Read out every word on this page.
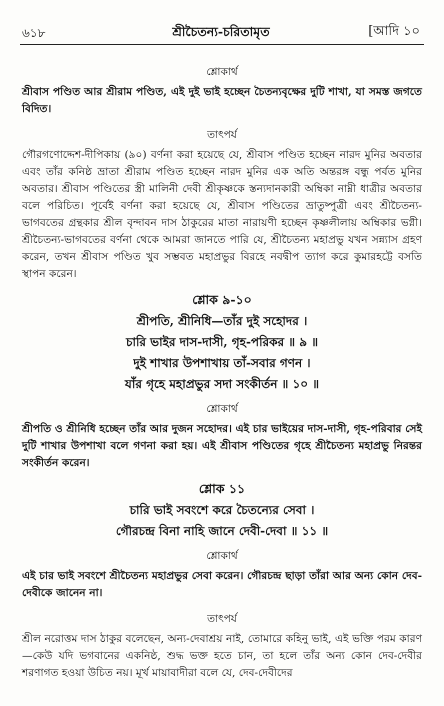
৬১৮	শ্রীচৈতন্য-চরিতামৃত	[আদি ১০
শ্লোকার্থ

শ্রীবাস পণ্ডিত আর শ্রীরাম পণ্ডিত, এই দুই ভাই হচ্ছেন চৈতন্যবৃক্ষের দুটি শাখা, যা সমস্ত জগতে বিদিত।

তাৎপর্য

গৌরগণোদ্দেশ-দীপিকায় (৯০) বর্ণনা করা হয়েছে যে, শ্রীবাস পণ্ডিত হচ্ছেন নারদ মুনির অবতার এবং তাঁর কনিষ্ঠ ভ্রাতা শ্রীরাম পণ্ডিত হচ্ছেন নারদ মুনির এক অতি অন্তরঙ্গ বন্ধু পর্বত মুনির অবতার। শ্রীবাস পণ্ডিতের স্ত্রী মালিনী দেবী শ্রীকৃষ্ণকে স্তন্যদানকারী অম্বিকা নাম্নী ধাত্রীর অবতার বলে পরিচিত। পূর্বেই বর্ণনা করা হয়েছে যে, শ্রীবাস পণ্ডিতের ভ্রাতুষ্পুত্রী এবং শ্রীচৈতন্য-ভাগবতের গ্রন্থকার শ্রীল বৃন্দাবন দাস ঠাকুরের মাতা নারায়ণী হচ্ছেন কৃষ্ণলীলায় অম্বিকার ভগ্নী। শ্রীচৈতন্য-ভাগবতের বর্ণনা থেকে আমরা জানতে পারি যে, শ্রীচৈতন্য মহাপ্রভু যখন সন্ন্যাস গ্রহণ করেন, তখন শ্রীবাস পণ্ডিত খুব সম্ভবত মহাপ্রভুর বিরহে নবদ্বীপ ত্যাগ করে কুমারহট্টে বসতি স্থাপন করেন।

শ্লোক ৯-১০
শ্রীপতি, শ্রীনিধি—তাঁর দুই সহোদর ।
চারি ভাইর দাস-দাসী, গৃহ-পরিকর ॥ ৯ ॥
দুই শাখার উপশাখায় তাঁ-সবার গণন ।
যাঁর গৃহে মহাপ্রভুর সদা সংকীর্তন ॥ ১০ ॥
শ্লোকার্থ

শ্রীপতি ও শ্রীনিধি হচ্ছেন তাঁর আর দুজন সহোদর। এই চার ভাইয়ের দাস-দাসী, গৃহ-পরিবার সেই দুটি শাখার উপশাখা বলে গণনা করা হয়। এই শ্রীবাস পণ্ডিতের গৃহে শ্রীচৈতন্য মহাপ্রভু নিরন্তর সংকীর্তন করেন।

শ্লোক ১১
চারি ভাই সবংশে করে চৈতন্যের সেবা ।
গৌরচন্দ্র বিনা নাহি জানে দেবী-দেবা ॥ ১১ ॥
শ্লোকার্থ

এই চার ভাই সবংশে শ্রীচৈতন্য মহাপ্রভুর সেবা করেন। গৌরচন্দ্র ছাড়া তাঁরা আর অন্য কোন দেব-দেবীকে জানেন না।

তাৎপর্য

শ্রীল নরোত্তম দাস ঠাকুর বলেছেন, অন্য-দেবাশ্রয় নাই, তোমারে কহিনু ভাই, এই ভক্তি পরম কারণ—কেউ যদি ভগবানের একনিষ্ঠ, শুদ্ধ ভক্ত হতে চান, তা হলে তাঁর অন্য কোন দেব-দেবীর শরণাগত হওয়া উচিত নয়। মূর্খ মায়াবাদীরা বলে যে, দেব-দেবীদের
